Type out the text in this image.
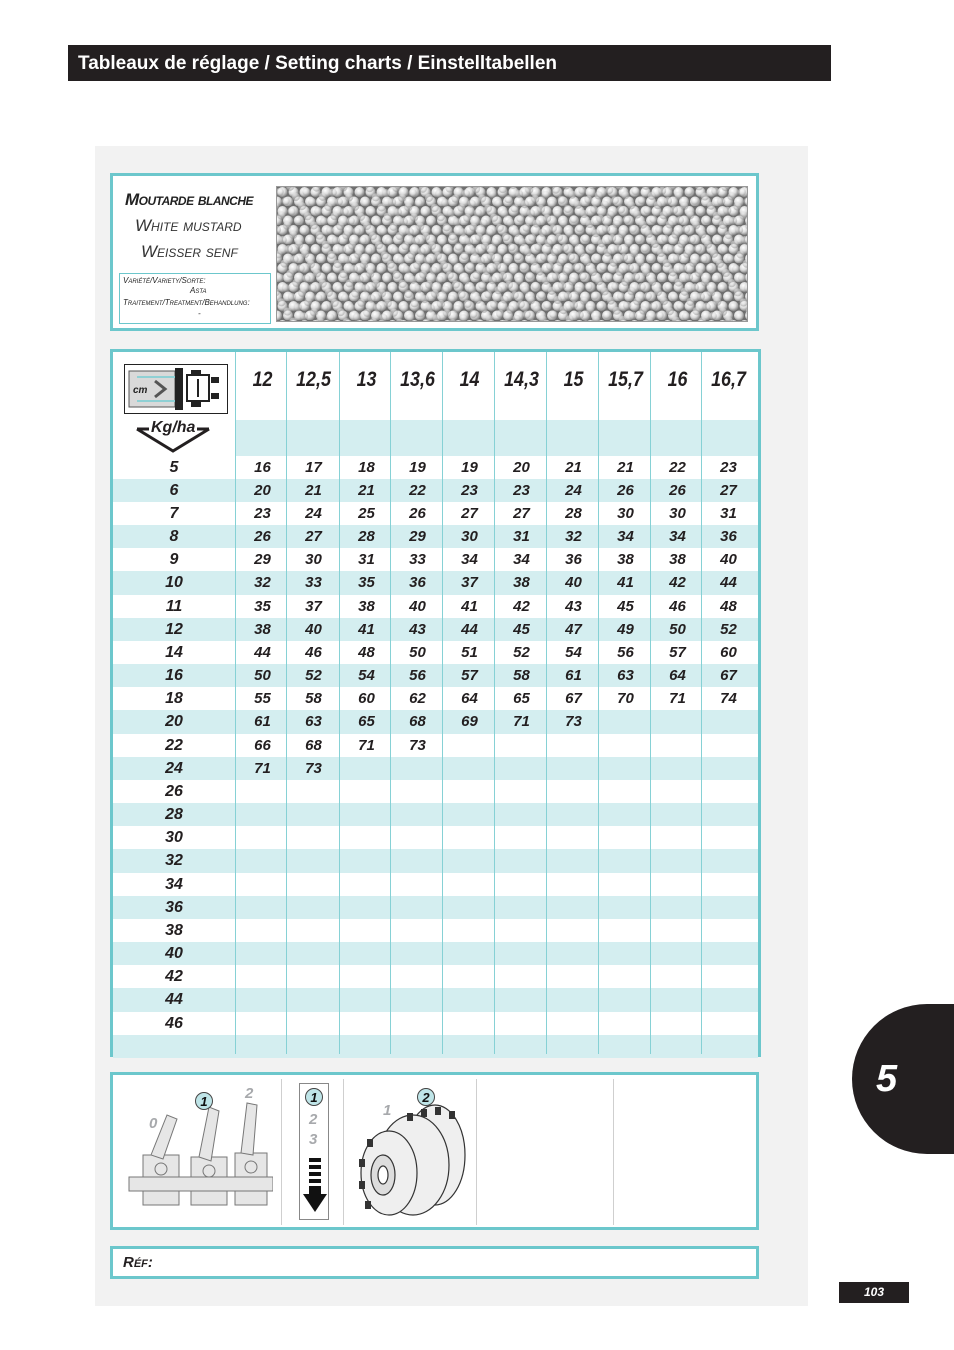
Tableaux de réglage / Setting charts / Einstelltabellen
Moutarde blanche
White mustard
Weisser senf
Variété/Variety/Sorte:
Asta
Traitement/Treatment/Behandlung:
-
cm
Kg/ha
12	12,5	13	13,6	14	14,3	15	15,7	16	16,7
5	16	17	18	19	19	20	21	21	22	23
6	20	21	21	22	23	23	24	26	26	27
7	23	24	25	26	27	27	28	30	30	31
8	26	27	28	29	30	31	32	34	34	36
9	29	30	31	33	34	34	36	38	38	40
10	32	33	35	36	37	38	40	41	42	44
11	35	37	38	40	41	42	43	45	46	48
12	38	40	41	43	44	45	47	49	50	52
14	44	46	48	50	51	52	54	56	57	60
16	50	52	54	56	57	58	61	63	64	67
18	55	58	60	62	64	65	67	70	71	74
20	61	63	65	68	69	71	73
22	66	68	71	73
24	71	73
26
28
30
32
34
36
38
40
42
44
46
0
1	2	1
2
3
1
2
Réf:
5
103
